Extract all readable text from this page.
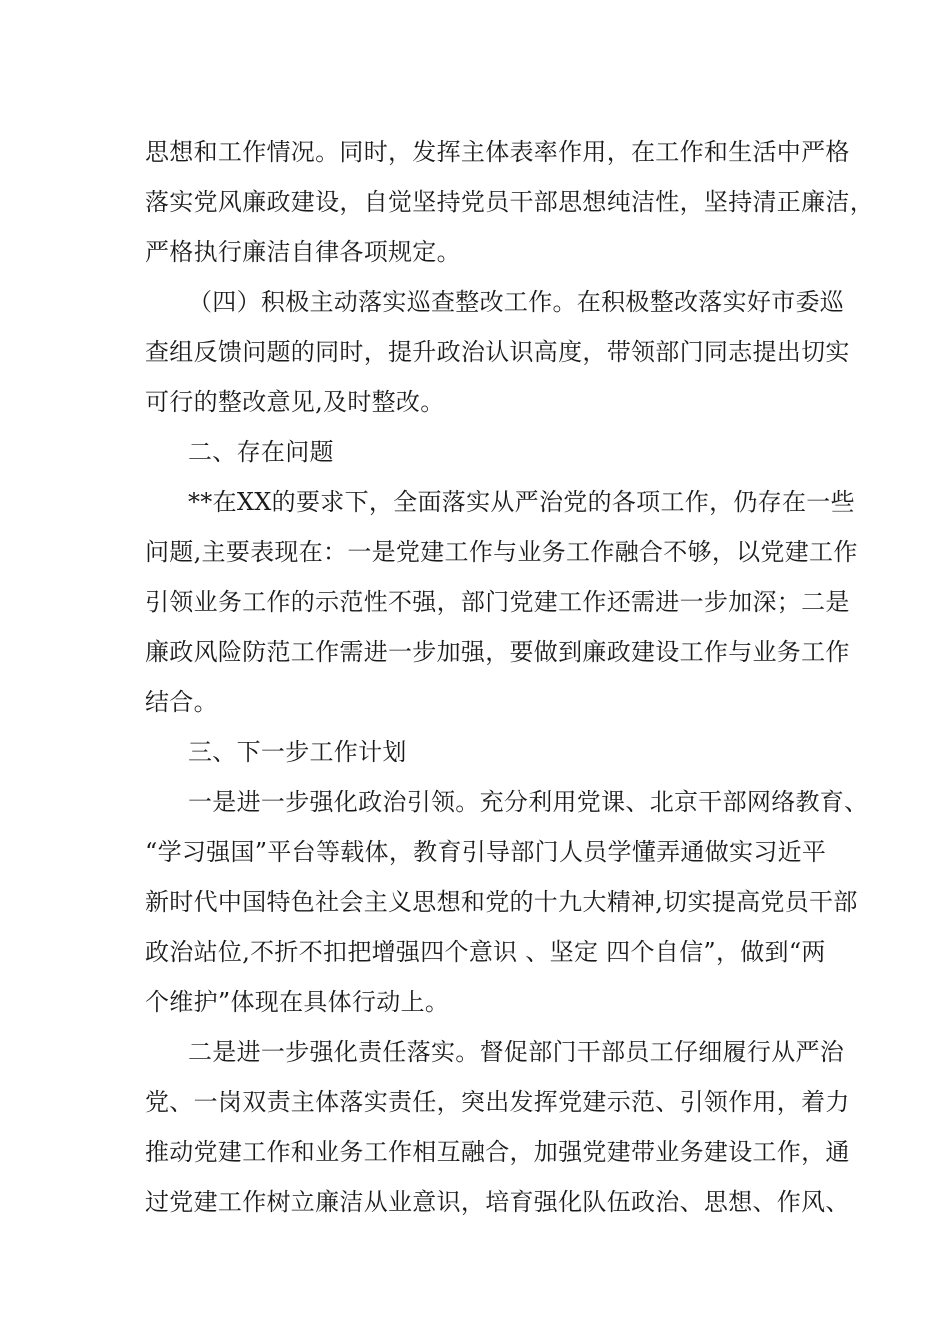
思想和工作情况。同时，发挥主体表率作用，在工作和生活中严格
落实党风廉政建设，自觉坚持党员干部思想纯洁性，坚持清正廉洁，
严格执行廉洁自律各项规定。
（四）积极主动落实巡查整改工作。在积极整改落实好市委巡
查组反馈问题的同时，提升政治认识高度，带领部门同志提出切实
可行的整改意见,及时整改。
二、存在问题
**在XX的要求下，全面落实从严治党的各项工作，仍存在一些
问题,主要表现在：一是党建工作与业务工作融合不够，以党建工作
引领业务工作的示范性不强，部门党建工作还需进一步加深；二是
廉政风险防范工作需进一步加强，要做到廉政建设工作与业务工作
结合。
三、下一步工作计划
一是进一步强化政治引领。充分利用党课、北京干部网络教育、
“学习强国”平台等载体，教育引导部门人员学懂弄通做实习近平
新时代中国特色社会主义思想和党的十九大精神,切实提高党员干部
政治站位,不折不扣把增强四个意识 、坚定 四个自信”，做到“两
个维护”体现在具体行动上。
二是进一步强化责任落实。督促部门干部员工仔细履行从严治
党、一岗双责主体落实责任，突出发挥党建示范、引领作用，着力
推动党建工作和业务工作相互融合，加强党建带业务建设工作，通
过党建工作树立廉洁从业意识，培育强化队伍政治、思想、作风、
